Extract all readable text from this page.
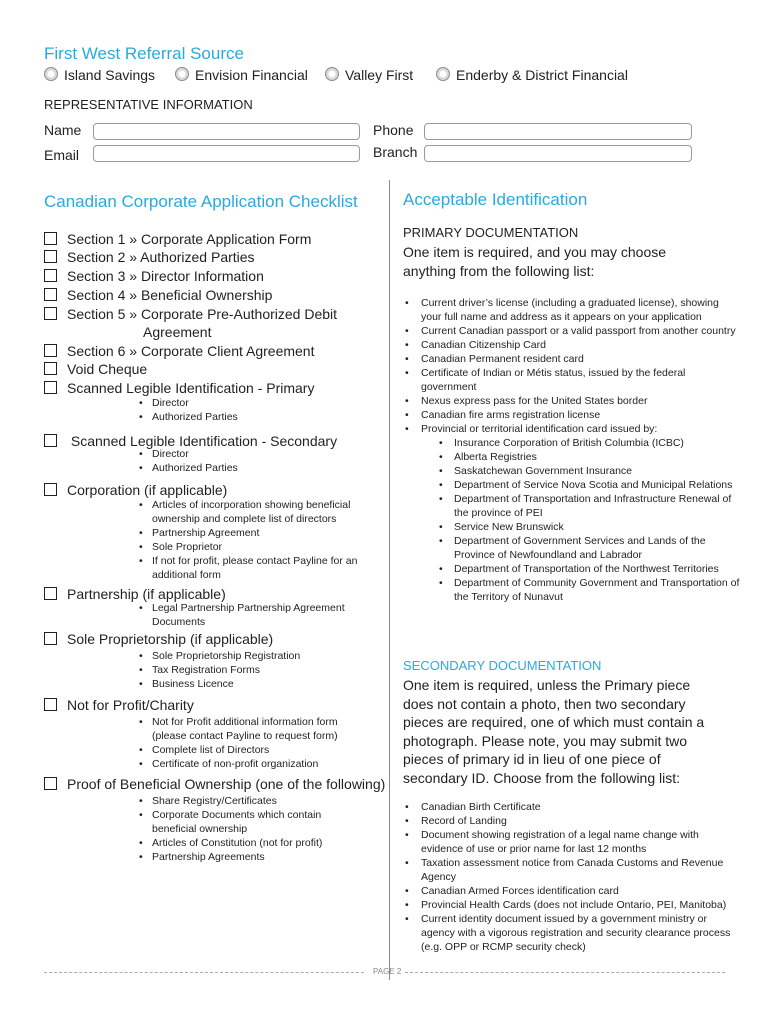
First West Referral Source
Island Savings	Envision Financial	Valley First	Enderby & District Financial
REPRESENTATIVE INFORMATION
Name
Email
Phone
Branch
Canadian Corporate Application Checklist
Section 1 » Corporate Application Form
Section 2 » Authorized Parties
Section 3 » Director Information
Section 4 » Beneficial Ownership
Section 5 » Corporate Pre-Authorized Debit
Agreement
Section 6 » Corporate Client Agreement
Void Cheque
Scanned Legible Identification - Primary
• Director
• Authorized Parties
Scanned Legible Identification - Secondary
• Director
• Authorized Parties
Corporation (if applicable)
• Articles of incorporation showing beneficial ownership and complete list of directors
• Partnership Agreement
• Sole Proprietor
• If not for profit, please contact Payline for an additional form
Partnership (if applicable)
• Legal Partnership Partnership Agreement Documents
Sole Proprietorship (if applicable)
• Sole Proprietorship Registration
• Tax Registration Forms
• Business Licence
Not for Profit/Charity
• Not for Profit additional information form (please contact Payline to request form)
• Complete list of Directors
• Certificate of non-profit organization
Proof of Beneficial Ownership (one of the following)
• Share Registry/Certificates
• Corporate Documents which contain beneficial ownership
• Articles of Constitution (not for profit)
• Partnership Agreements
Acceptable Identification
PRIMARY DOCUMENTATION
One item is required, and you may choose anything from the following list:
• Current driver’s license (including a graduated license), showing your full name and address as it appears on your application
• Current Canadian passport or a valid passport from another country
• Canadian Citizenship Card
• Canadian Permanent resident card
• Certificate of Indian or Métis status, issued by the federal government
• Nexus express pass for the United States border
• Canadian fire arms registration license
• Provincial or territorial identification card issued by:
• Insurance Corporation of British Columbia (ICBC)
• Alberta Registries
• Saskatchewan Government Insurance
• Department of Service Nova Scotia and Municipal Relations
• Department of Transportation and Infrastructure Renewal of the province of PEI
• Service New Brunswick
• Department of Government Services and Lands of the Province of Newfoundland and Labrador
• Department of Transportation of the Northwest Territories
• Department of Community Government and Transportation of the Territory of Nunavut
SECONDARY DOCUMENTATION
One item is required, unless the Primary piece does not contain a photo, then two secondary pieces are required, one of which must contain a photograph. Please note, you may submit two pieces of primary id in lieu of one piece of secondary ID. Choose from the following list:
• Canadian Birth Certificate
• Record of Landing
• Document showing registration of a legal name change with evidence of use or prior name for last 12 months
• Taxation assessment notice from Canada Customs and Revenue Agency
• Canadian Armed Forces identification card
• Provincial Health Cards (does not include Ontario, PEI, Manitoba)
• Current identity document issued by a government ministry or agency with a vigorous registration and security clearance process (e.g. OPP or RCMP security check)
PAGE 2
